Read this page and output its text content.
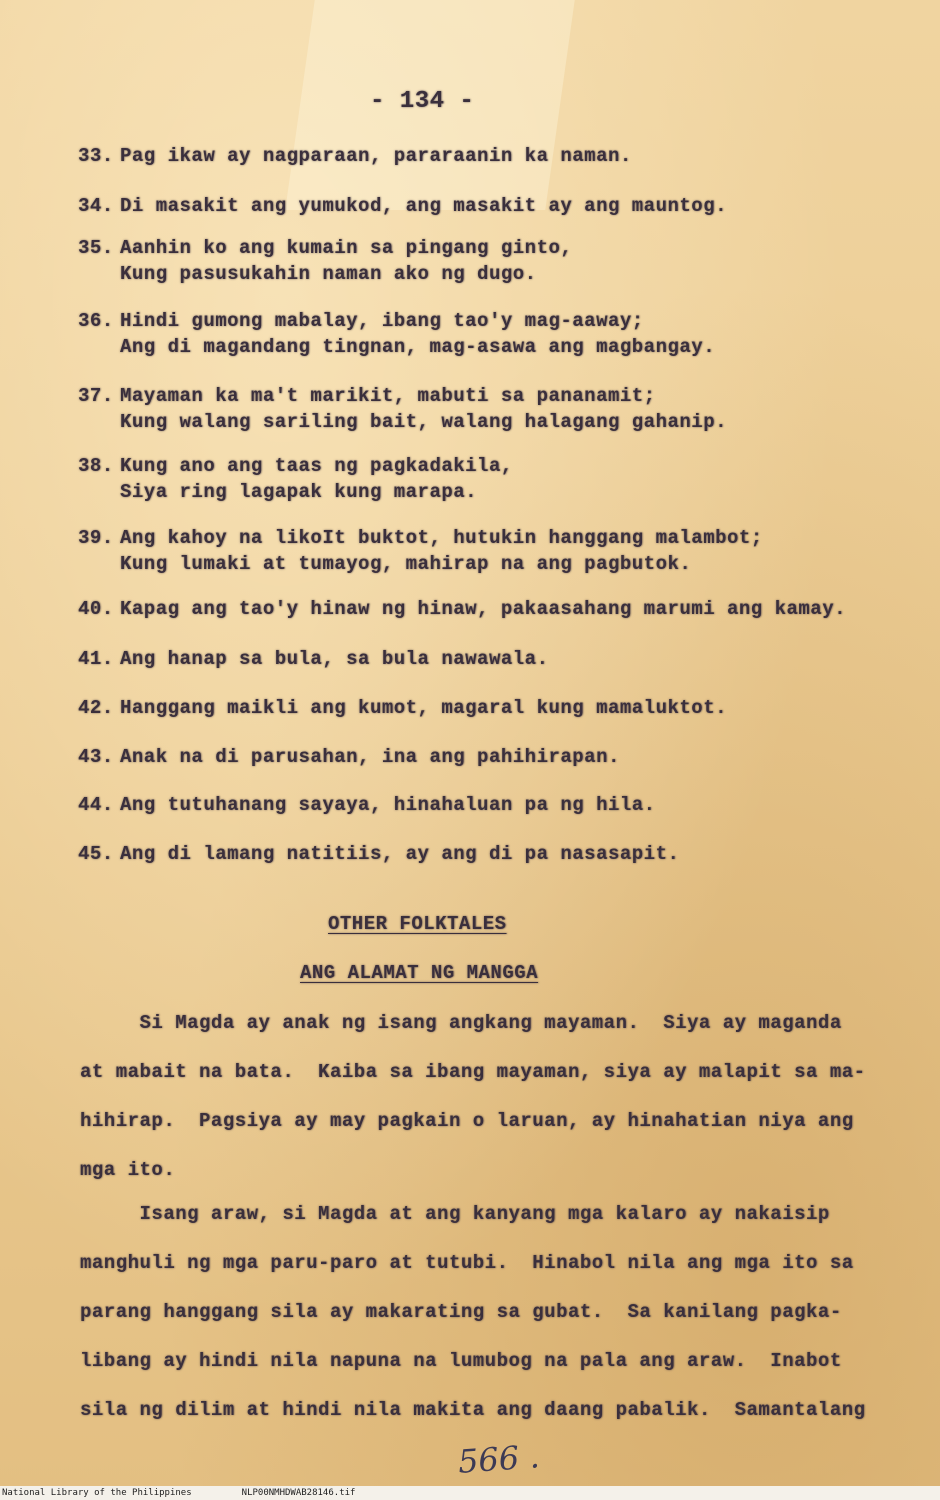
- 134 -
33. Pag ikaw ay nagparaan, pararaanin ka naman.
34. Di masakit ang yumukod, ang masakit ay ang mauntog.
35. Aanhin ko ang kumain sa pingang ginto,
Kung pasusukahin naman ako ng dugo.
36. Hindi gumong mabalay, ibang tao'y mag-aaway;
Ang di magandang tingnan, mag-asawa ang magbangay.
37. Mayaman ka ma't marikit, mabuti sa pananamit;
Kung walang sariling bait, walang halagang gahanip.
38. Kung ano ang taas ng pagkadakila,
Siya ring lagapak kung marapa.
39. Ang kahoy na likoIt buktot, hutukin hanggang malambot;
Kung lumaki at tumayog, mahirap na ang pagbutok.
40. Kapag ang tao'y hinaw ng hinaw, pakaasahang marumi ang kamay.
41. Ang hanap sa bula, sa bula nawawala.
42. Hanggang maikli ang kumot, magaral kung mamaluktot.
43. Anak na di parusahan, ina ang pahihirapan.
44. Ang tutuhanang sayaya, hinahaluan pa ng hila.
45. Ang di lamang natitiis, ay ang di pa nasasapit.
OTHER FOLKTALES
ANG ALAMAT NG MANGGA
Si Magda ay anak ng isang angkang mayaman.  Siya ay maganda
at mabait na bata.  Kaiba sa ibang mayaman, siya ay malapit sa ma-
hihirap.  Pagsiya ay may pagkain o laruan, ay hinahatian niya ang
mga ito.
Isang araw, si Magda at ang kanyang mga kalaro ay nakaisip
manghuli ng mga paru-paro at tutubi.  Hinabol nila ang mga ito sa
parang hanggang sila ay makarating sa gubat.  Sa kanilang pagka-
libang ay hindi nila napuna na lumubog na pala ang araw.  Inabot
sila ng dilim at hindi nila makita ang daang pabalik.  Samantalang
566 .
National Library of the Philippines	NLP00NMHDWAB28146.tif
